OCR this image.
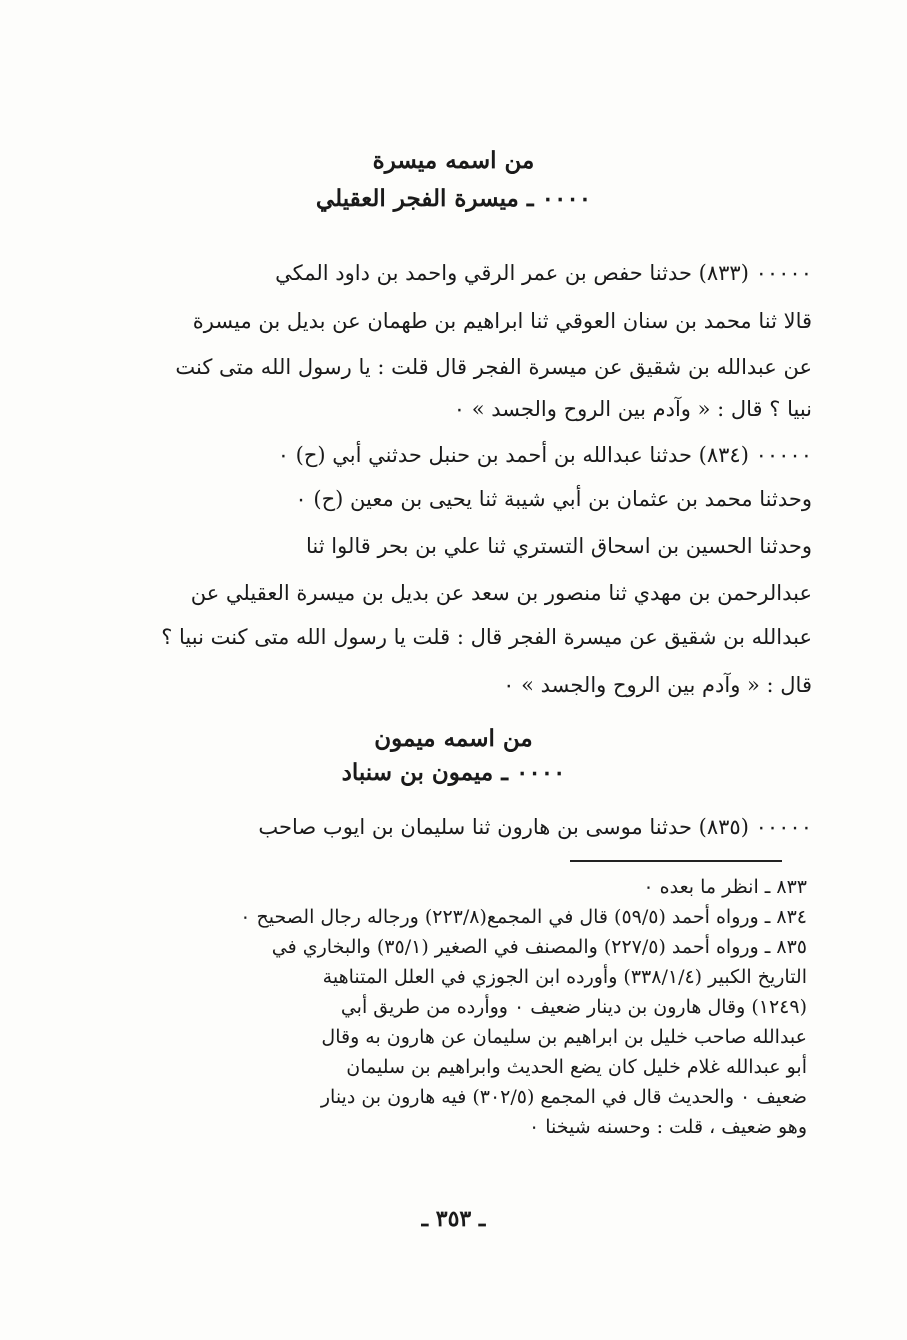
من اسمه ميسرة
٠٠٠٠ ـ ميسرة الفجر العقيلي
٠٠٠٠٠ (٨٣٣) حدثنا حفص بن عمر الرقي واحمد بن داود المكي
قالا ثنا محمد بن سنان العوقي ثنا ابراهيم بن طهمان عن بديل بن ميسرة
عن عبدالله بن شقيق عن ميسرة الفجر قال قلت : يا رسول الله متى كنت
نبيا ؟ قال : « وآدم بين الروح والجسد » ٠
٠٠٠٠٠ (٨٣٤) حدثنا عبدالله بن أحمد بن حنبل حدثني أبي (ح) ٠
وحدثنا محمد بن عثمان بن أبي شيبة ثنا يحيى بن معين (ح) ٠
وحدثنا الحسين بن اسحاق التستري ثنا علي بن بحر قالوا ثنا
عبدالرحمن بن مهدي ثنا منصور بن سعد عن بديل بن ميسرة العقيلي عن
عبدالله بن شقيق عن ميسرة الفجر قال : قلت يا رسول الله متى كنت نبيا ؟
قال : « وآدم بين الروح والجسد » ٠
من اسمه ميمون
٠٠٠٠ ـ ميمون بن سنباد
٠٠٠٠٠ (٨٣٥) حدثنا موسى بن هارون ثنا سليمان بن ايوب صاحب
٨٣٣ ـ انظر ما بعده ٠
٨٣٤ ـ ورواه أحمد (٥٩/٥) قال في المجمع(٢٢٣/٨) ورجاله رجال الصحيح ٠
٨٣٥ ـ ورواه أحمد (٢٢٧/٥) والمصنف في الصغير (٣٥/١) والبخاري في
التاريخ الكبير (٣٣٨/١/٤) وأورده ابن الجوزي في العلل المتناهية
(١٢٤٩) وقال هارون بن دينار ضعيف ٠ ووأرده من طريق أبي
عبدالله صاحب خليل بن ابراهيم بن سليمان عن هارون به وقال
أبو عبدالله غلام خليل كان يضع الحديث وابراهيم بن سليمان
ضعيف ٠ والحديث قال في المجمع (٣٠٢/٥) فيه هارون بن دينار
وهو ضعيف ، قلت : وحسنه شيخنا ٠
ـ ٣٥٣ ـ
